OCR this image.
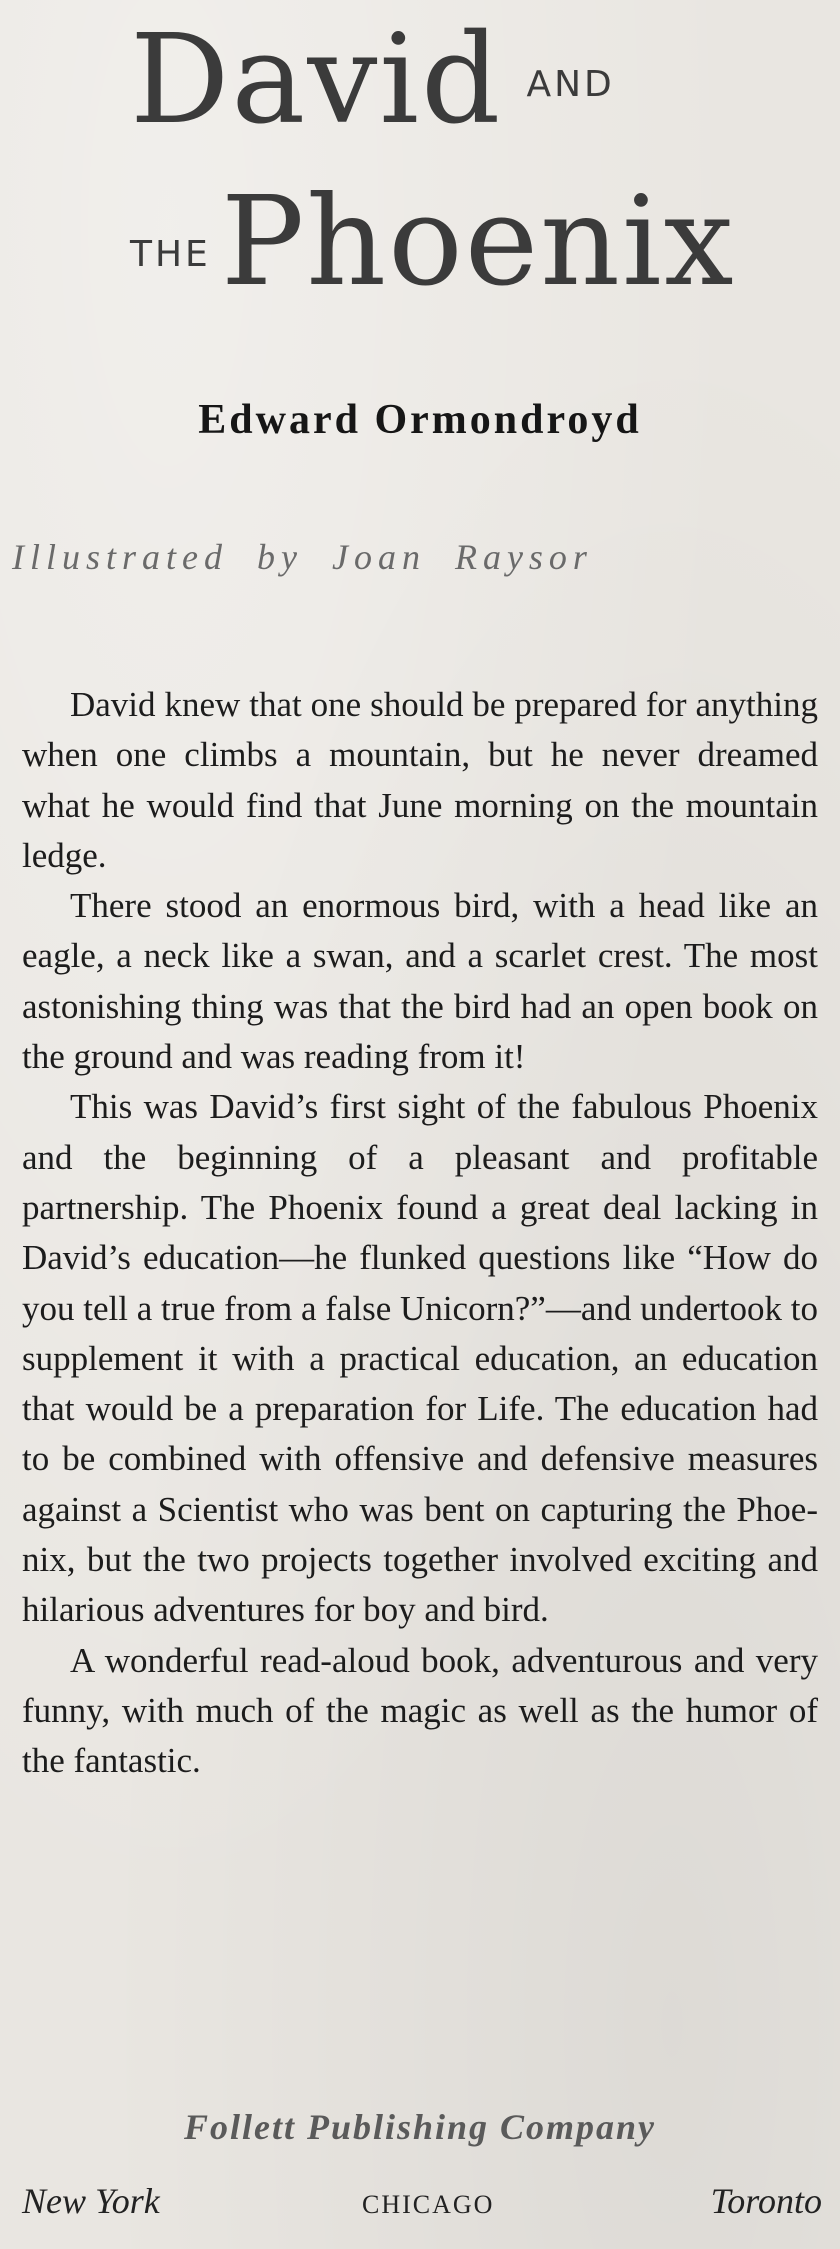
David AND
THEPhoenix
Edward Ormondroyd
Illustrated by Joan Raysor

David knew that one should be prepared for anything when one climbs a mountain, but he never dreamed what he would find that June morning on the mountain ledge.

There stood an enormous bird, with a head like an eagle, a neck like a swan, and a scarlet crest. The most astonishing thing was that the bird had an open book on the ground and was reading from it!

This was David’s first sight of the fabulous Phoenix and the beginning of a pleasant and profitable partnership. The Phoenix found a great deal lacking in David’s education—he flunked questions like “How do you tell a true from a false Unicorn?”—and undertook to supplement it with a practical education, an education that would be a preparation for Life. The education had to be combined with offensive and defensive measures against a Scientist who was bent on capturing the Phoenix, but the two projects together involved exciting and hilarious adventures for boy and bird.

A wonderful read-aloud book, adventurous and very funny, with much of the magic as well as the humor of the fantastic.

Follett Publishing Company
New York	CHICAGO	Toronto
